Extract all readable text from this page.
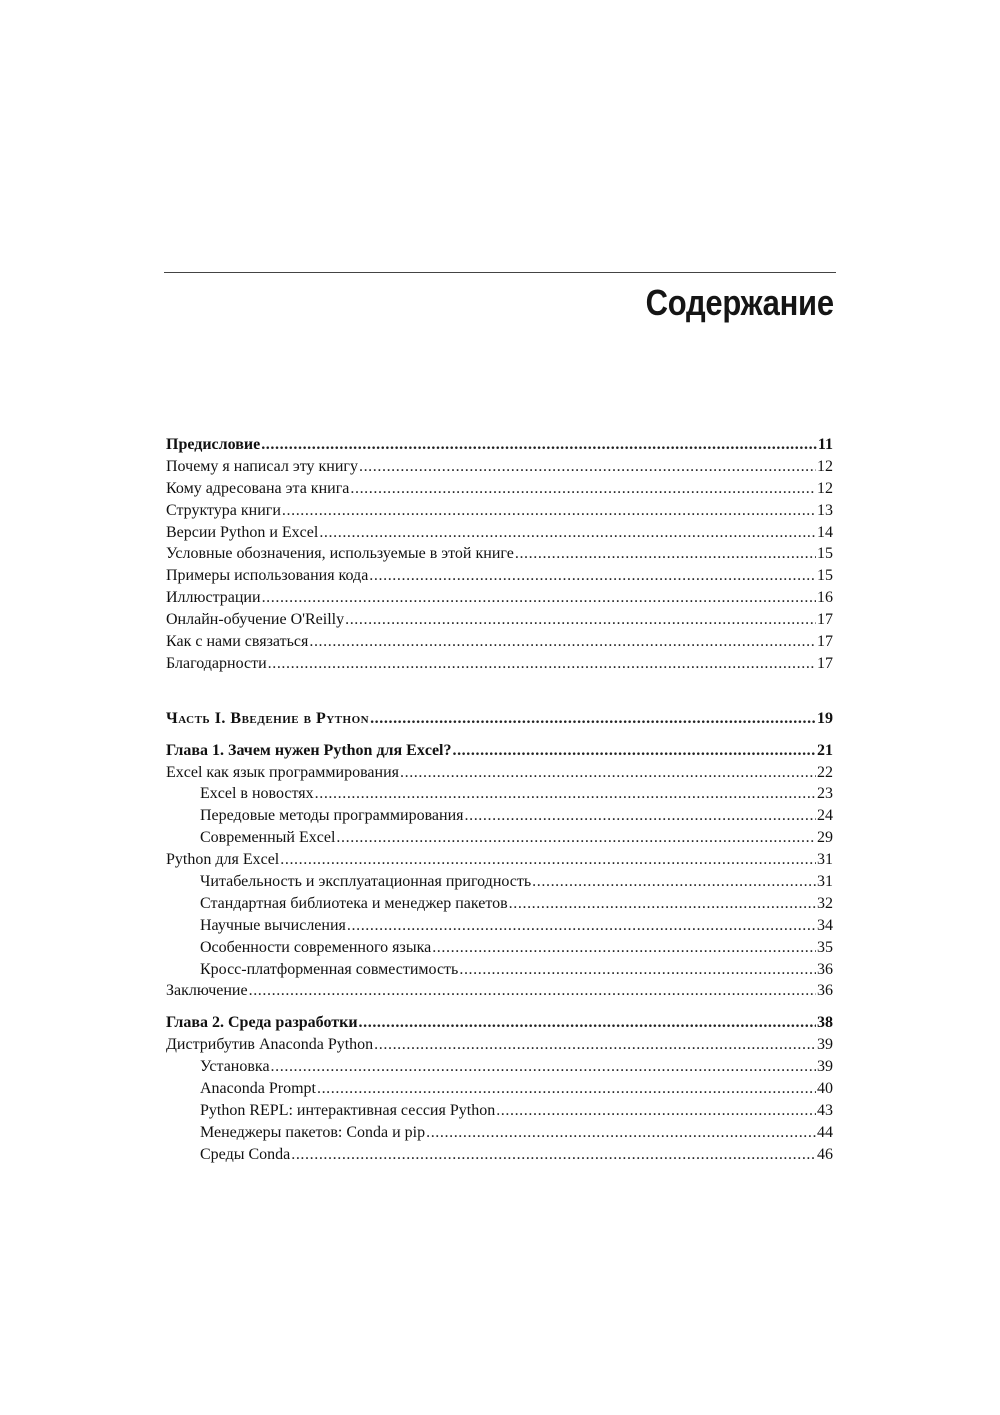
Содержание
Предисловие .....	11
Почему я написал эту книгу .....	12
Кому адресована эта книга .....	12
Структура книги .....	13
Версии Python и Excel .....	14
Условные обозначения, используемые в этой книге .....	15
Примеры использования кода .....	15
Иллюстрации .....	16
Онлайн-обучение O'Reilly .....	17
Как с нами связаться .....	17
Благодарности .....	17
Часть I. Введение в Python .....	19
Глава 1. Зачем нужен Python для Excel? .....	21
Excel как язык программирования .....	22
Excel в новостях .....	23
Передовые методы программирования .....	24
Современный Excel .....	29
Python для Excel .....	31
Читабельность и эксплуатационная пригодность .....	31
Стандартная библиотека и менеджер пакетов .....	32
Научные вычисления .....	34
Особенности современного языка .....	35
Кросс-платформенная совместимость .....	36
Заключение .....	36
Глава 2. Среда разработки .....	38
Дистрибутив Anaconda Python .....	39
Установка .....	39
Anaconda Prompt .....	40
Python REPL: интерактивная сессия Python .....	43
Менеджеры пакетов: Conda и pip .....	44
Среды Conda .....	46
